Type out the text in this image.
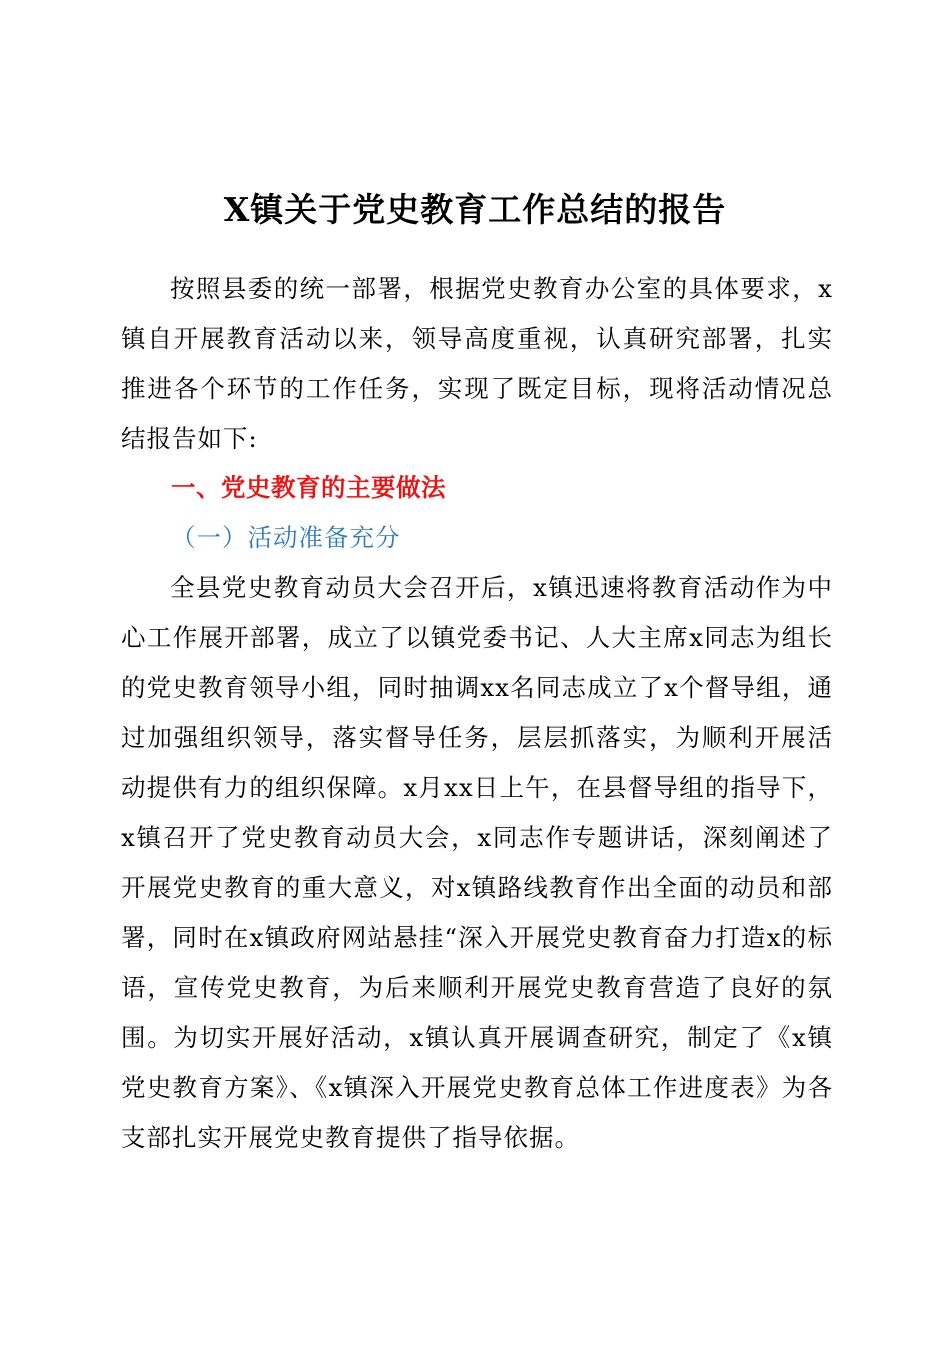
X镇关于党史教育工作总结的报告

按照县委的统一部署，根据党史教育办公室的具体要求，x镇自开展教育活动以来，领导高度重视，认真研究部署，扎实推进各个环节的工作任务，实现了既定目标，现将活动情况总结报告如下:

一、党史教育的主要做法
（一）活动准备充分

全县党史教育动员大会召开后，x镇迅速将教育活动作为中心工作展开部署，成立了以镇党委书记、人大主席x同志为组长的党史教育领导小组，同时抽调xx名同志成立了x个督导组，通过加强组织领导，落实督导任务，层层抓落实，为顺利开展活动提供有力的组织保障。x月xx日上午，在县督导组的指导下，x镇召开了党史教育动员大会，x同志作专题讲话，深刻阐述了开展党史教育的重大意义，对x镇路线教育作出全面的动员和部署，同时在x镇政府网站悬挂“深入开展党史教育奋力打造x的标语，宣传党史教育，为后来顺利开展党史教育营造了良好的氛围。为切实开展好活动，x镇认真开展调查研究，制定了《x镇党史教育方案》、《x镇深入开展党史教育总体工作进度表》为各支部扎实开展党史教育提供了指导依据。
